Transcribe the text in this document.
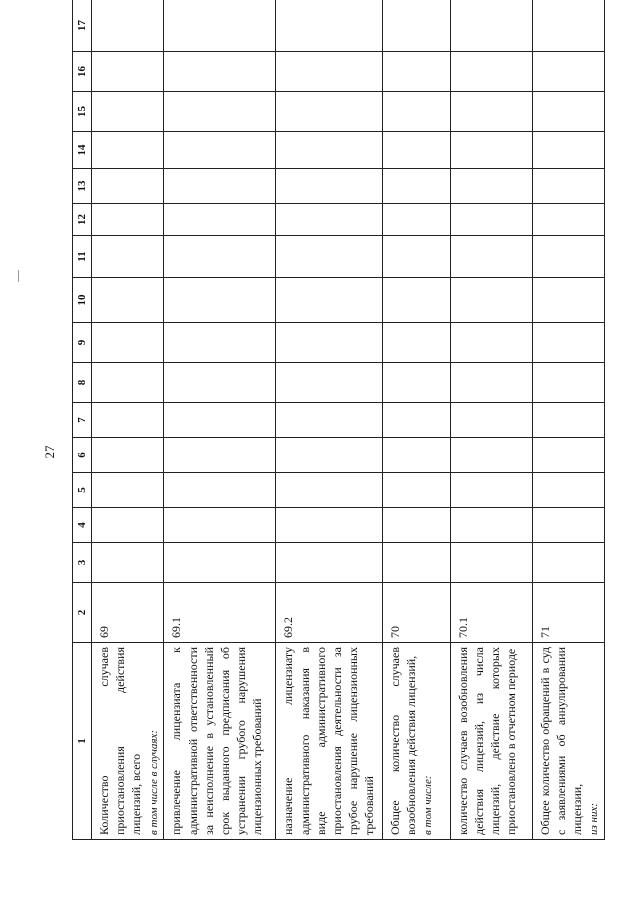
27
1	2	3	4	5	6	7	8	9	10	11	12	13	14	15	16	17

Количество случаев приостановления действия лицензий, всего в том числе в случаях:	69															

привлечение лицензиата к административной ответственности за неисполнение в установленный срок выданного предписания об устранении грубого нарушения лицензионных требований	69.1															

назначение лицензиату административного наказания в виде административного приостановления деятельности за грубое нарушение лицензионных требований	69.2															

Общее количество случаев возобновления действия лицензий, в том числе:	70															

количество случаев возобновления действия лицензий, из числа лицензий, действие которых приостановлено в отчетном периоде	70.1															

Общее количество обращений в суд с заявлениями об аннулировании лицензии, из них:	71															
